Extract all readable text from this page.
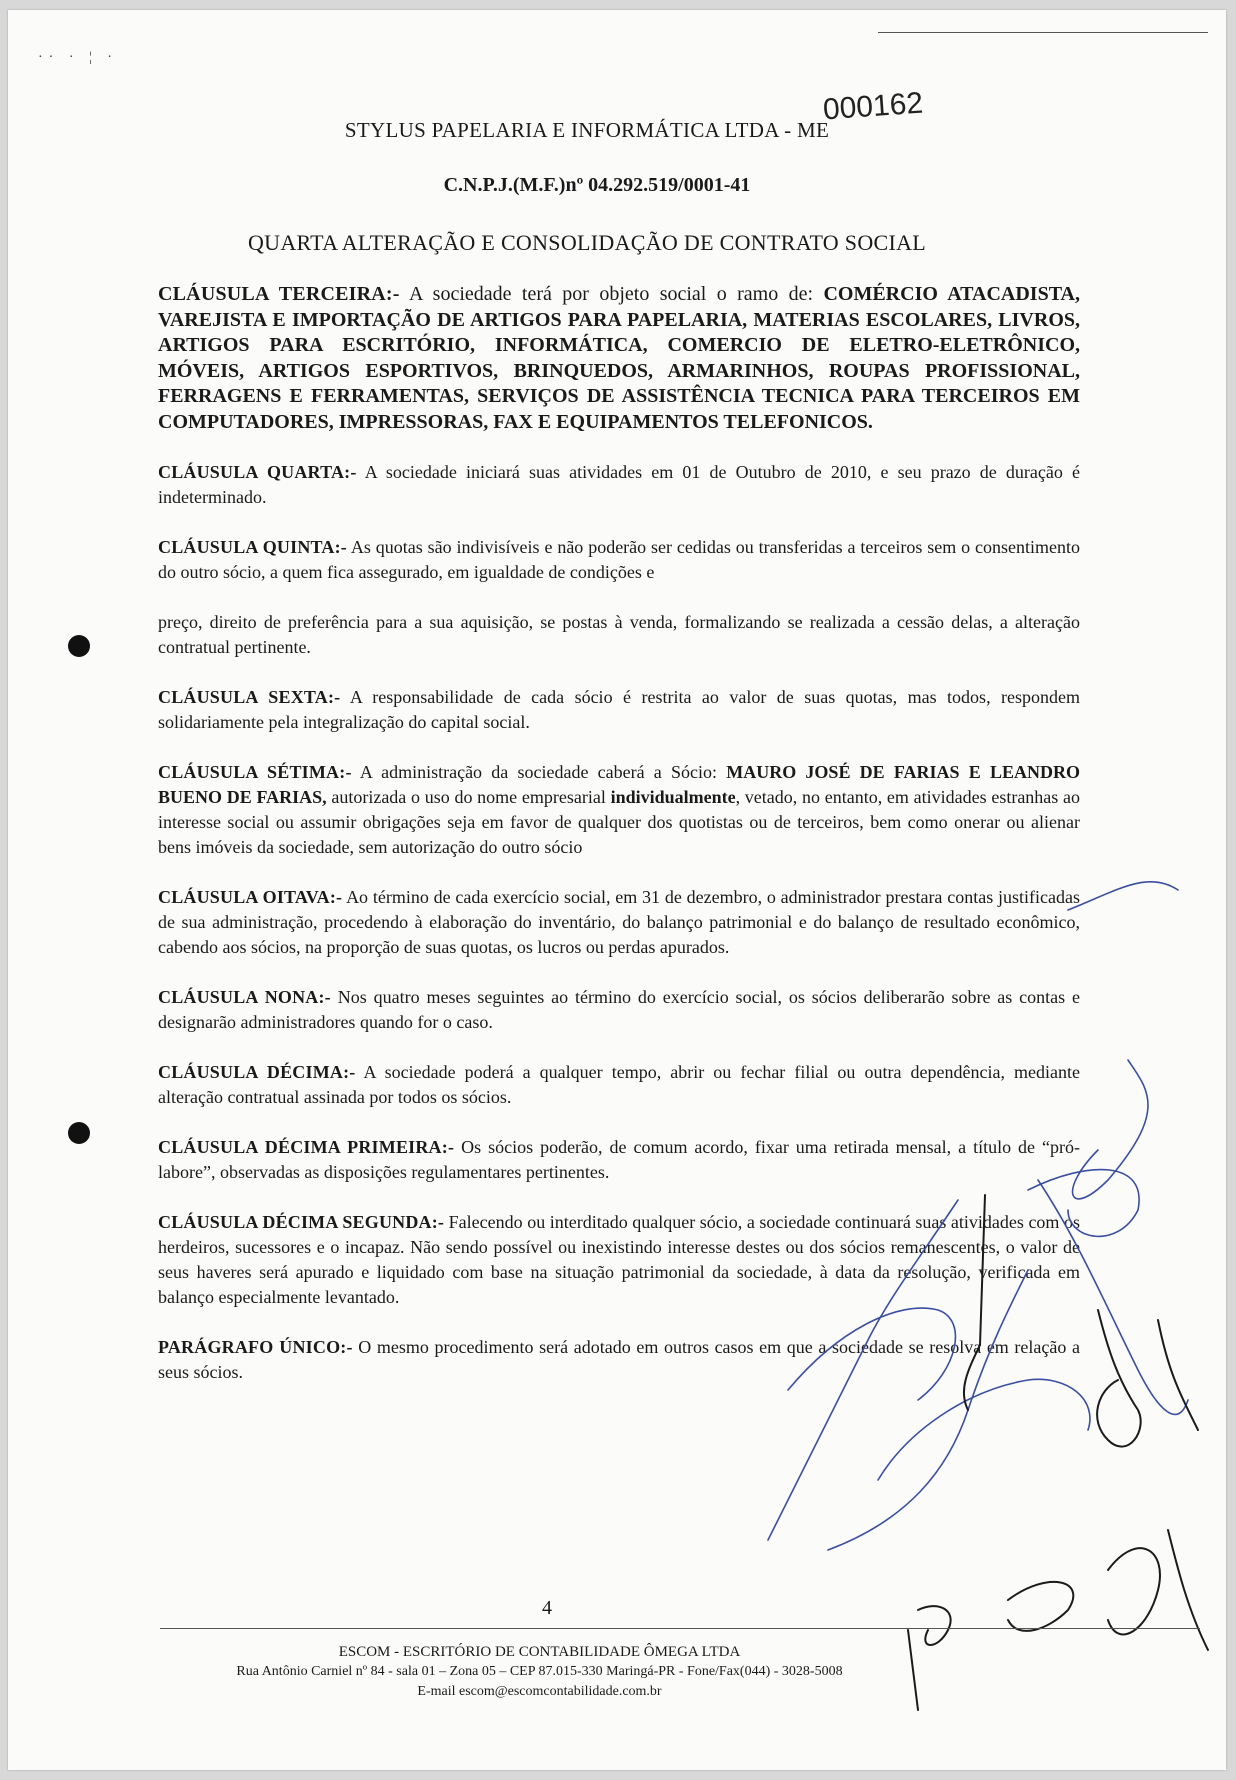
·· · ¦ ·
STYLUS PAPELARIA E INFORMÁTICA LTDA - ME
000162
C.N.P.J.(M.F.)nº 04.292.519/0001-41
QUARTA ALTERAÇÃO E CONSOLIDAÇÃO DE CONTRATO SOCIAL

CLÁUSULA TERCEIRA:- A sociedade terá por objeto social o ramo de: COMÉRCIO ATACADISTA, VAREJISTA E IMPORTAÇÃO DE ARTIGOS PARA PAPELARIA, MATERIAS ESCOLARES, LIVROS, ARTIGOS PARA ESCRITÓRIO, INFORMÁTICA, COMERCIO DE ELETRO-ELETRÔNICO, MÓVEIS, ARTIGOS ESPORTIVOS, BRINQUEDOS, ARMARINHOS, ROUPAS PROFISSIONAL, FERRAGENS E FERRAMENTAS, SERVIÇOS DE ASSISTÊNCIA TECNICA PARA TERCEIROS EM COMPUTADORES, IMPRESSORAS, FAX E EQUIPAMENTOS TELEFONICOS.

CLÁUSULA QUARTA:- A sociedade iniciará suas atividades em 01 de Outubro de 2010, e seu prazo de duração é indeterminado.

CLÁUSULA QUINTA:- As quotas são indivisíveis e não poderão ser cedidas ou transferidas a terceiros sem o consentimento do outro sócio, a quem fica assegurado, em igualdade de condições e

preço, direito de preferência para a sua aquisição, se postas à venda, formalizando se realizada a cessão delas, a alteração contratual pertinente.

CLÁUSULA SEXTA:- A responsabilidade de cada sócio é restrita ao valor de suas quotas, mas todos, respondem solidariamente pela integralização do capital social.

CLÁUSULA SÉTIMA:- A administração da sociedade caberá a Sócio: MAURO JOSÉ DE FARIAS E LEANDRO BUENO DE FARIAS, autorizada o uso do nome empresarial individualmente, vetado, no entanto, em atividades estranhas ao interesse social ou assumir obrigações seja em favor de qualquer dos quotistas ou de terceiros, bem como onerar ou alienar bens imóveis da sociedade, sem autorização do outro sócio

CLÁUSULA OITAVA:- Ao término de cada exercício social, em 31 de dezembro, o administrador prestara contas justificadas de sua administração, procedendo à elaboração do inventário, do balanço patrimonial e do balanço de resultado econômico, cabendo aos sócios, na proporção de suas quotas, os lucros ou perdas apurados.

CLÁUSULA NONA:- Nos quatro meses seguintes ao término do exercício social, os sócios deliberarão sobre as contas e designarão administradores quando for o caso.

CLÁUSULA DÉCIMA:- A sociedade poderá a qualquer tempo, abrir ou fechar filial ou outra dependência, mediante alteração contratual assinada por todos os sócios.

CLÁUSULA DÉCIMA PRIMEIRA:- Os sócios poderão, de comum acordo, fixar uma retirada mensal, a título de “pró-labore”, observadas as disposições regulamentares pertinentes.

CLÁUSULA DÉCIMA SEGUNDA:- Falecendo ou interditado qualquer sócio, a sociedade continuará suas atividades com os herdeiros, sucessores e o incapaz. Não sendo possível ou inexistindo interesse destes ou dos sócios remanescentes, o valor de seus haveres será apurado e liquidado com base na situação patrimonial da sociedade, à data da resolução, verificada em balanço especialmente levantado.

PARÁGRAFO ÚNICO:- O mesmo procedimento será adotado em outros casos em que a sociedade se resolva em relação a seus sócios.

4
ESCOM - ESCRITÓRIO DE CONTABILIDADE ÔMEGA LTDA
Rua Antônio Carniel nº 84 - sala 01 – Zona 05 – CEP 87.015-330 Maringá-PR - Fone/Fax(044) - 3028-5008
E-mail escom@escomcontabilidade.com.br
